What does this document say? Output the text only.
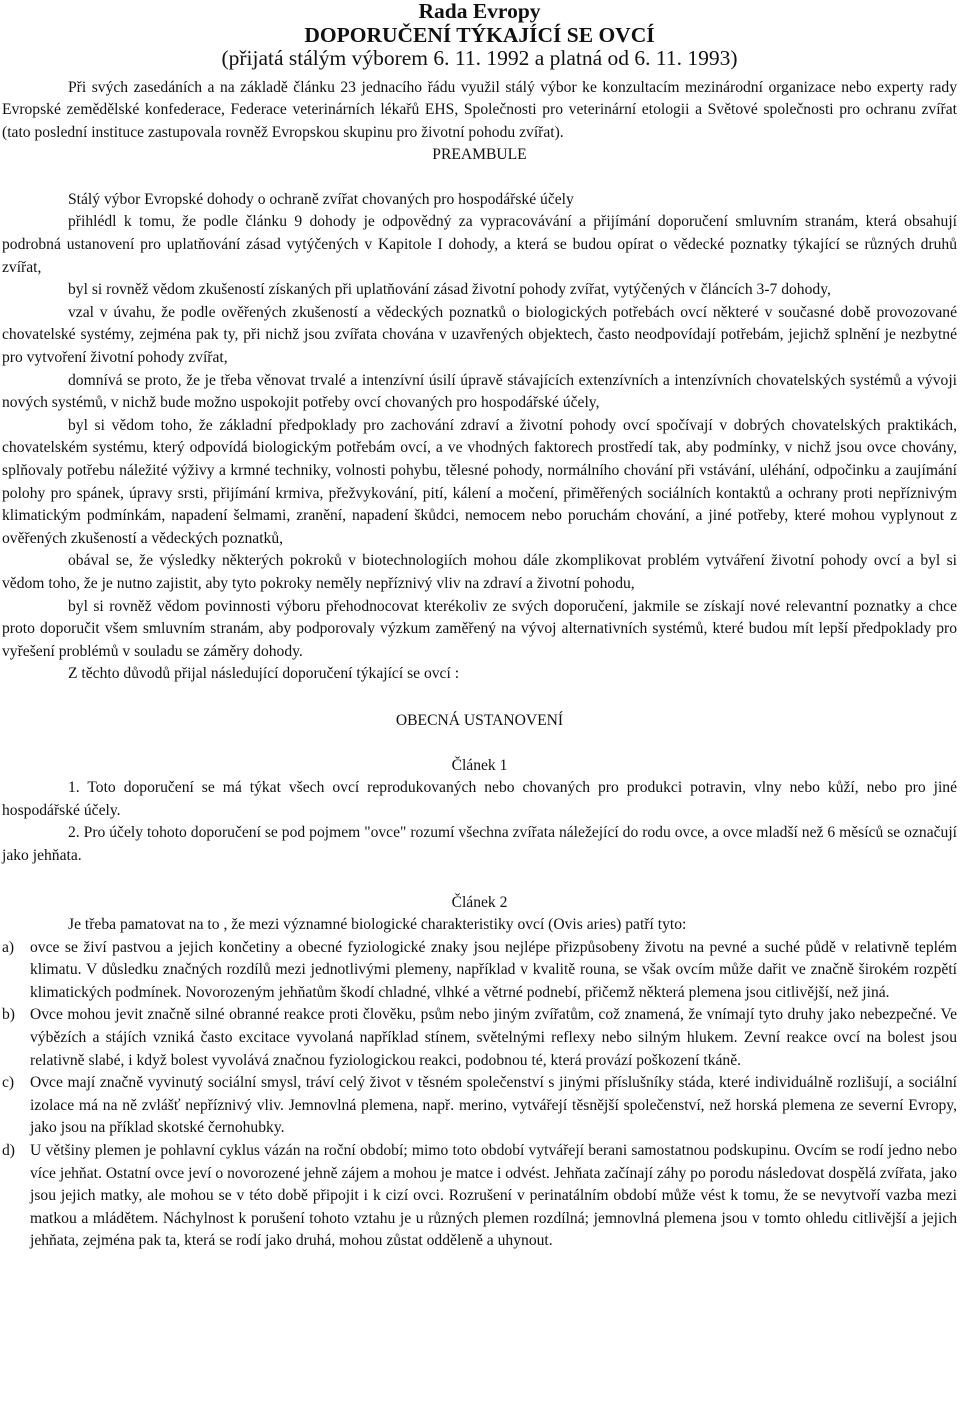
Rada Evropy
DOPORUČENÍ TÝKAJÍCÍ SE OVCÍ
(přijatá stálým výborem 6. 11. 1992 a platná od 6. 11. 1993)

Při svých zasedáních a na základě článku 23 jednacího řádu využil stálý výbor ke konzultacím mezinárodní organizace nebo experty rady Evropské zemědělské konfederace, Federace veterinárních lékařů EHS, Společnosti pro veterinární etologii a Světové společnosti pro ochranu zvířat (tato poslední instituce zastupovala rovněž Evropskou skupinu pro životní pohodu zvířat).

PREAMBULE

Stálý výbor Evropské dohody o ochraně zvířat chovaných pro hospodářské účely

přihlédl k tomu, že podle článku 9 dohody je odpovědný za vypracovávání a přijímání doporučení smluvním stranám, která obsahují podrobná ustanovení pro uplatňování zásad vytýčených v Kapitole I dohody, a která se budou opírat o vědecké poznatky týkající se různých druhů zvířat,

byl si rovněž vědom zkušeností získaných při uplatňování zásad životní pohody zvířat, vytýčených v článcích 3-7 dohody,

vzal v úvahu, že podle ověřených zkušeností a vědeckých poznatků o biologických potřebách ovcí některé v současné době provozované chovatelské systémy, zejména pak ty, při nichž jsou zvířata chována v uzavřených objektech, často neodpovídají potřebám, jejichž splnění je nezbytné pro vytvoření životní pohody zvířat,

domnívá se proto, že je třeba věnovat trvalé a intenzívní úsilí úpravě stávajících extenzívních a intenzívních chovatelských systémů a vývoji nových systémů, v nichž bude možno uspokojit potřeby ovcí chovaných pro hospodářské účely,

byl si vědom toho, že základní předpoklady pro zachování zdraví a životní pohody ovcí spočívají v dobrých chovatelských praktikách, chovatelském systému, který odpovídá biologickým potřebám ovcí, a ve vhodných faktorech prostředí tak, aby podmínky, v nichž jsou ovce chovány, splňovaly potřebu náležité výživy a krmné techniky, volnosti pohybu, tělesné pohody, normálního chování při vstávání, uléhání, odpočinku a zaujímání polohy pro spánek, úpravy srsti, přijímání krmiva, přežvykování, pití, kálení a močení, přiměřených sociálních kontaktů a ochrany proti nepříznivým klimatickým podmínkám, napadení šelmami, zranění, napadení škůdci, nemocem nebo poruchám chování, a jiné potřeby, které mohou vyplynout z ověřených zkušeností a vědeckých poznatků,

obával se, že výsledky některých pokroků v biotechnologiích mohou dále zkomplikovat problém vytváření životní pohody ovcí a byl si vědom toho, že je nutno zajistit, aby tyto pokroky neměly nepříznivý vliv na zdraví a životní pohodu,

byl si rovněž vědom povinnosti výboru přehodnocovat kterékoliv ze svých doporučení, jakmile se získají nové relevantní poznatky a chce proto doporučit všem smluvním stranám, aby podporovaly výzkum zaměřený na vývoj alternativních systémů, které budou mít lepší předpoklady pro vyřešení problémů v souladu se záměry dohody.

Z těchto důvodů přijal následující doporučení týkající se ovcí :

OBECNÁ USTANOVENÍ
Článek 1

1. Toto doporučení se má týkat všech ovcí reprodukovaných nebo chovaných pro produkci potravin, vlny nebo kůží, nebo pro jiné hospodářské účely.

2. Pro účely tohoto doporučení se pod pojmem "ovce" rozumí všechna zvířata náležející do rodu ovce, a ovce mladší než 6 měsíců se označují jako jehňata.

Článek 2

Je třeba pamatovat na to , že mezi významné biologické charakteristiky ovcí (Ovis aries) patří tyto:

a)	ovce se živí pastvou a jejich končetiny a obecné fyziologické znaky jsou nejlépe přizpůsobeny životu na pevné a suché půdě v relativně teplém klimatu. V důsledku značných rozdílů mezi jednotlivými plemeny, například v kvalitě rouna, se však ovcím může dařit ve značně širokém rozpětí klimatických podmínek. Novorozeným jehňatům škodí chladné, vlhké a větrné podnebí, přičemž některá plemena jsou citlivější, než jiná.
b) Ovce mohou jevit značně silné obranné reakce proti člověku, psům nebo jiným zvířatům, což znamená, že vnímají tyto druhy jako nebezpečné. Ve výbězích a stájích vzniká často excitace vyvolaná například stínem, světelnými reflexy nebo silným hlukem. Zevní reakce ovcí na bolest jsou relativně slabé, i když bolest vyvolává značnou fyziologickou reakci, podobnou té, která provází poškození tkáně.
c)	Ovce mají značně vyvinutý sociální smysl, tráví celý život v těsném společenství s jinými příslušníky stáda, které individuálně rozlišují, a sociální izolace má na ně zvlášť nepříznivý vliv. Jemnovlná plemena, např. merino, vytvářejí těsnější společenství, než horská plemena ze severní Evropy, jako jsou na příklad skotské černohubky.
d) U většiny plemen je pohlavní cyklus vázán na roční období; mimo toto období vytvářejí berani samostatnou podskupinu. Ovcím se rodí jedno nebo více jehňat. Ostatní ovce jeví o novorozené jehně zájem a mohou je matce i odvést. Jehňata začínají záhy po porodu následovat dospělá zvířata, jako jsou jejich matky, ale mohou se v této době připojit i k cizí ovci. Rozrušení v perinatálním období může vést k tomu, že se nevytvoří vazba mezi matkou a mládětem. Náchylnost k porušení tohoto vztahu je u různých plemen rozdílná; jemnovlná plemena jsou v tomto ohledu citlivější a jejich jehňata, zejména pak ta, která se rodí jako druhá, mohou zůstat odděleně a uhynout.
